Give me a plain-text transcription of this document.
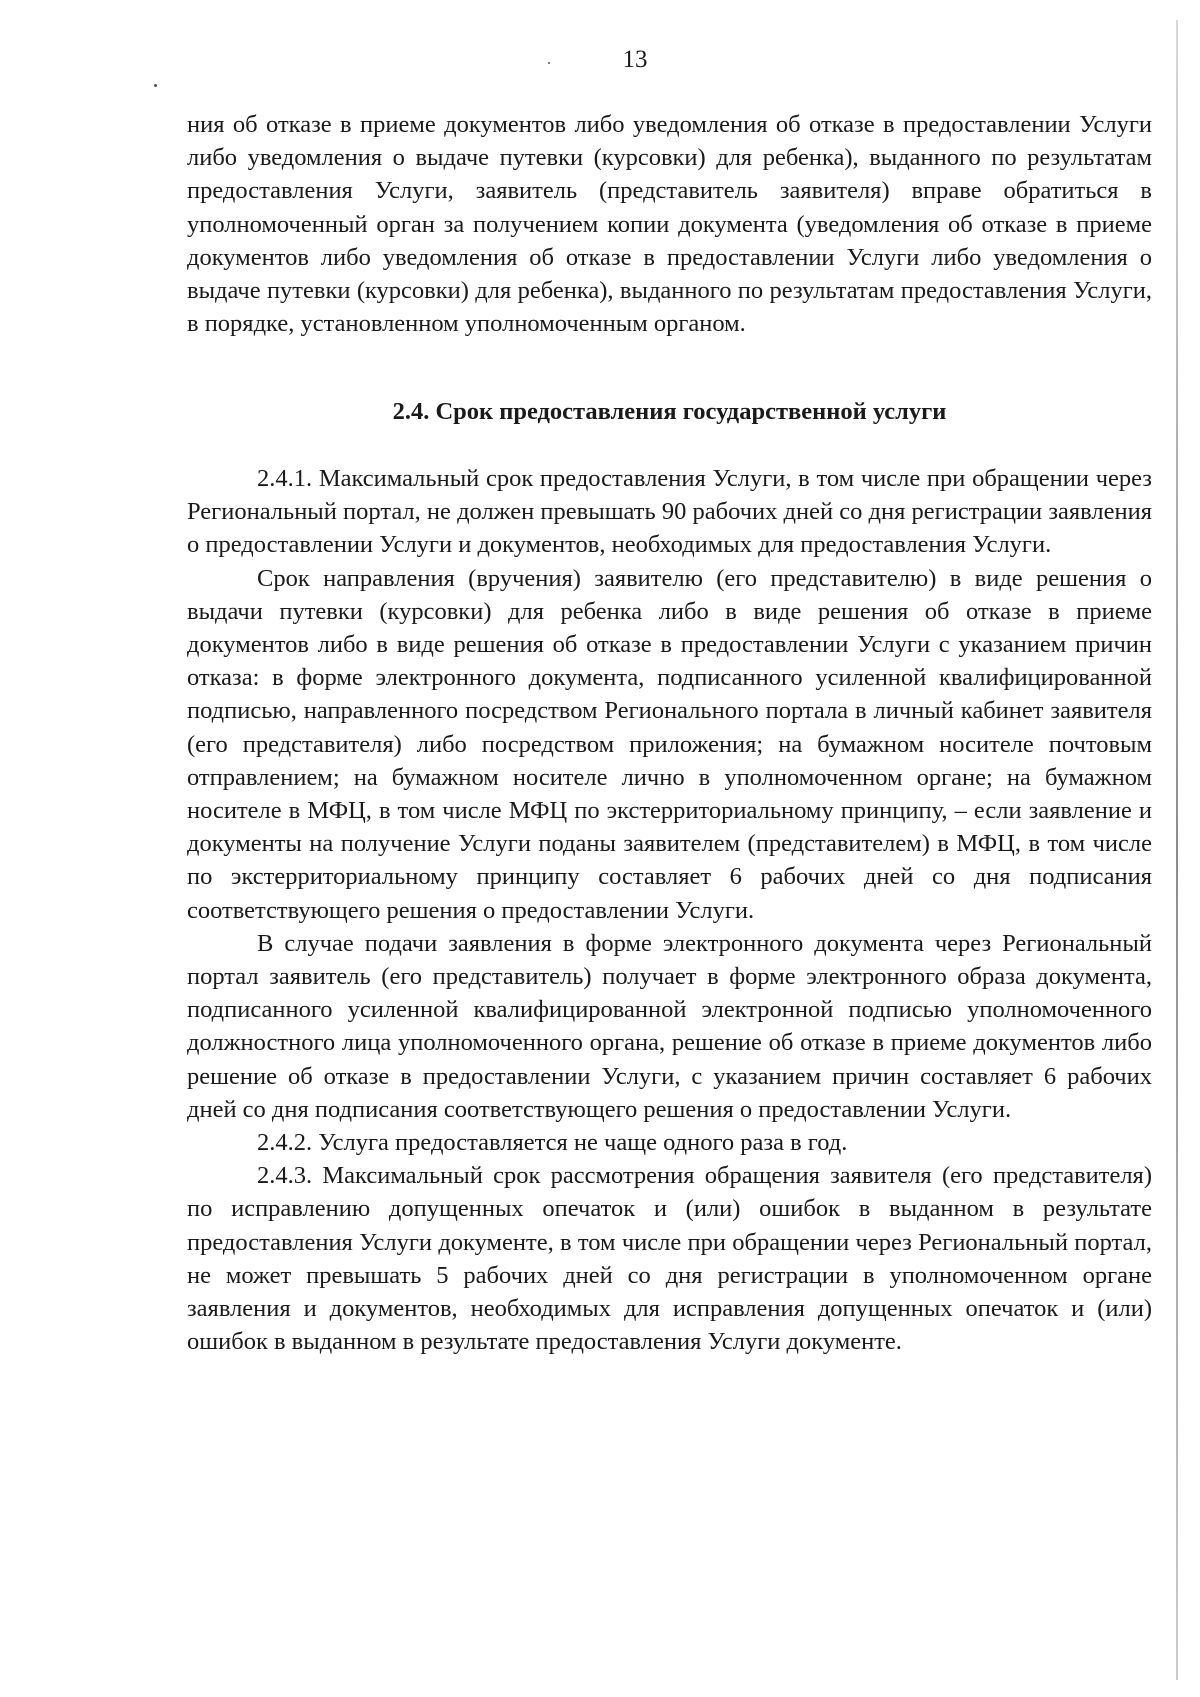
13

ния об отказе в приеме документов либо уведомления об отказе в предоставлении Услуги либо уведомления о выдаче путевки (курсовки) для ребенка), выданного по результатам предоставления Услуги, заявитель (представитель заявителя) вправе обратиться в уполномоченный орган за получением копии документа (уведомления об отказе в приеме документов либо уведомления об отказе в предоставлении Услуги либо уведомления о выдаче путевки (курсовки) для ребенка), выданного по результатам предоставления Услуги, в порядке, установленном уполномоченным органом.

2.4. Срок предоставления государственной услуги

2.4.1. Максимальный срок предоставления Услуги, в том числе при обращении через Региональный портал, не должен превышать 90 рабочих дней со дня регистрации заявления о предоставлении Услуги и документов, необходимых для предоставления Услуги.

Срок направления (вручения) заявителю (его представителю) в виде решения о выдачи путевки (курсовки) для ребенка либо в виде решения об отказе в приеме документов либо в виде решения об отказе в предоставлении Услуги с указанием причин отказа: в форме электронного документа, подписанного усиленной квалифицированной подписью, направленного посредством Регионального портала в личный кабинет заявителя (его представителя) либо посредством приложения; на бумажном носителе почтовым отправлением; на бумажном носителе лично в уполномоченном органе; на бумажном носителе в МФЦ, в том числе МФЦ по экстерриториальному принципу, – если заявление и документы на получение Услуги поданы заявителем (представителем) в МФЦ, в том числе по экстерриториальному принципу составляет 6 рабочих дней со дня подписания соответствующего решения о предоставлении Услуги.

В случае подачи заявления в форме электронного документа через Региональный портал заявитель (его представитель) получает в форме электронного образа документа, подписанного усиленной квалифицированной электронной подписью уполномоченного должностного лица уполномоченного органа, решение об отказе в приеме документов либо решение об отказе в предоставлении Услуги, с указанием причин составляет 6 рабочих дней со дня подписания соответствующего решения о предоставлении Услуги.

2.4.2. Услуга предоставляется не чаще одного раза в год.

2.4.3. Максимальный срок рассмотрения обращения заявителя (его представителя) по исправлению допущенных опечаток и (или) ошибок в выданном в результате предоставления Услуги документе, в том числе при обращении через Региональный портал, не может превышать 5 рабочих дней со дня регистрации в уполномоченном органе заявления и документов, необходимых для исправления допущенных опечаток и (или) ошибок в выданном в результате предоставления Услуги документе.
